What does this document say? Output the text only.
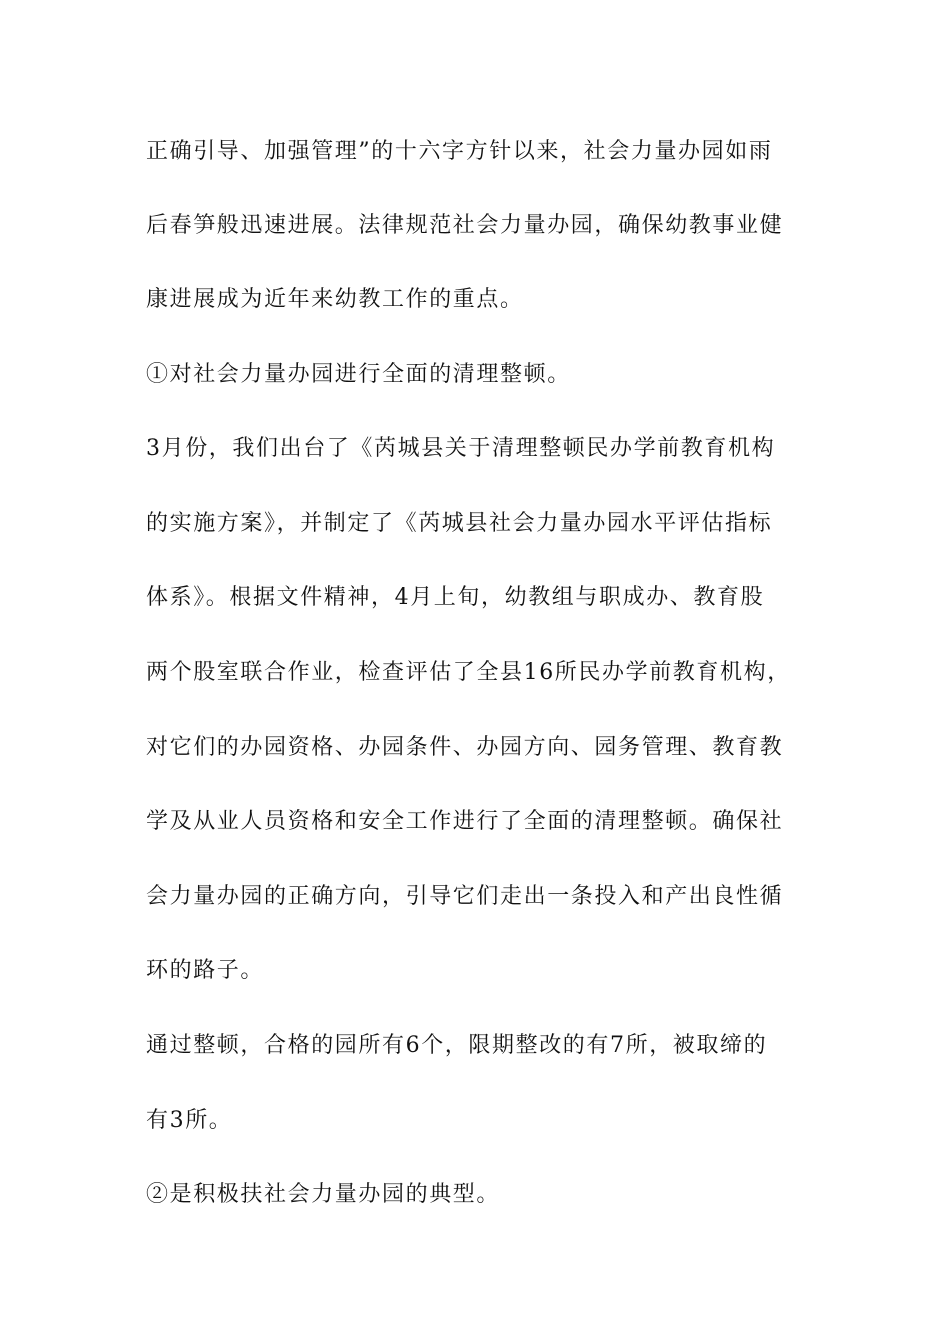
正确引导、加强管理”的十六字方针以来，社会力量办园如雨
后春笋般迅速进展。法律规范社会力量办园，确保幼教事业健
康进展成为近年来幼教工作的重点。
①对社会力量办园进行全面的清理整顿。
3月份，我们出台了《芮城县关于清理整顿民办学前教育机构
的实施方案》，并制定了《芮城县社会力量办园水平评估指标
体系》。根据文件精神，4月上旬，幼教组与职成办、教育股
两个股室联合作业，检查评估了全县16所民办学前教育机构，
对它们的办园资格、办园条件、办园方向、园务管理、教育教
学及从业人员资格和安全工作进行了全面的清理整顿。确保社
会力量办园的正确方向，引导它们走出一条投入和产出良性循
环的路子。
通过整顿，合格的园所有6个，限期整改的有7所，被取缔的
有3所。
②是积极扶社会力量办园的典型。
